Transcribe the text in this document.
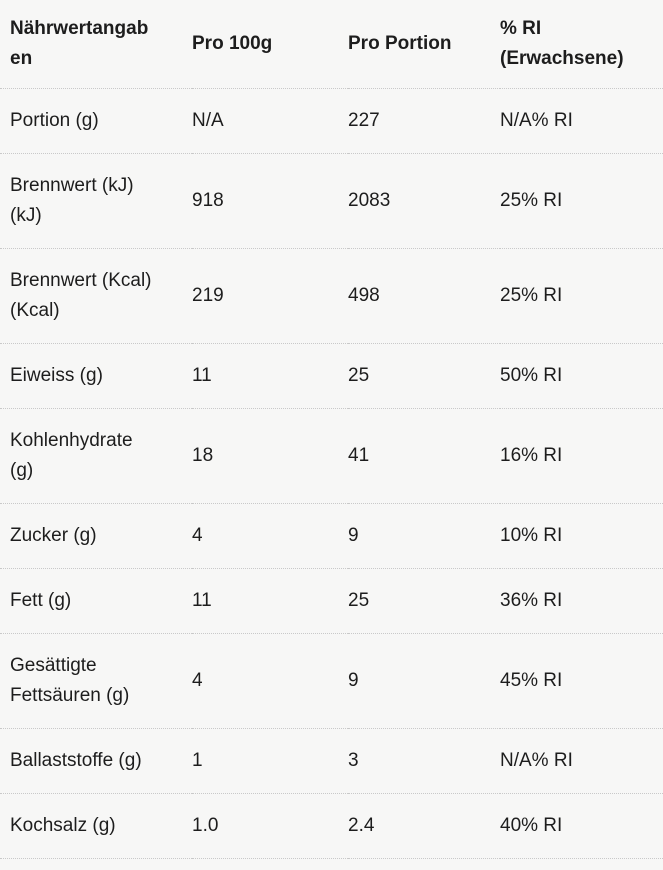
Nährwertangaben	Pro 100g	Pro Portion	% RI (Erwachsene)
Portion (g)	N/A	227	N/A% RI
Brennwert (kJ) (kJ)	918	2083	25% RI
Brennwert (Kcal) (Kcal)	219	498	25% RI
Eiweiss (g)	11	25	50% RI
Kohlenhydrate (g)	18	41	16% RI
Zucker (g)	4	9	10% RI
Fett (g)	11	25	36% RI
Gesättigte Fettsäuren (g)	4	9	45% RI
Ballaststoffe (g)	1	3	N/A% RI
Kochsalz (g)	1.0	2.4	40% RI
